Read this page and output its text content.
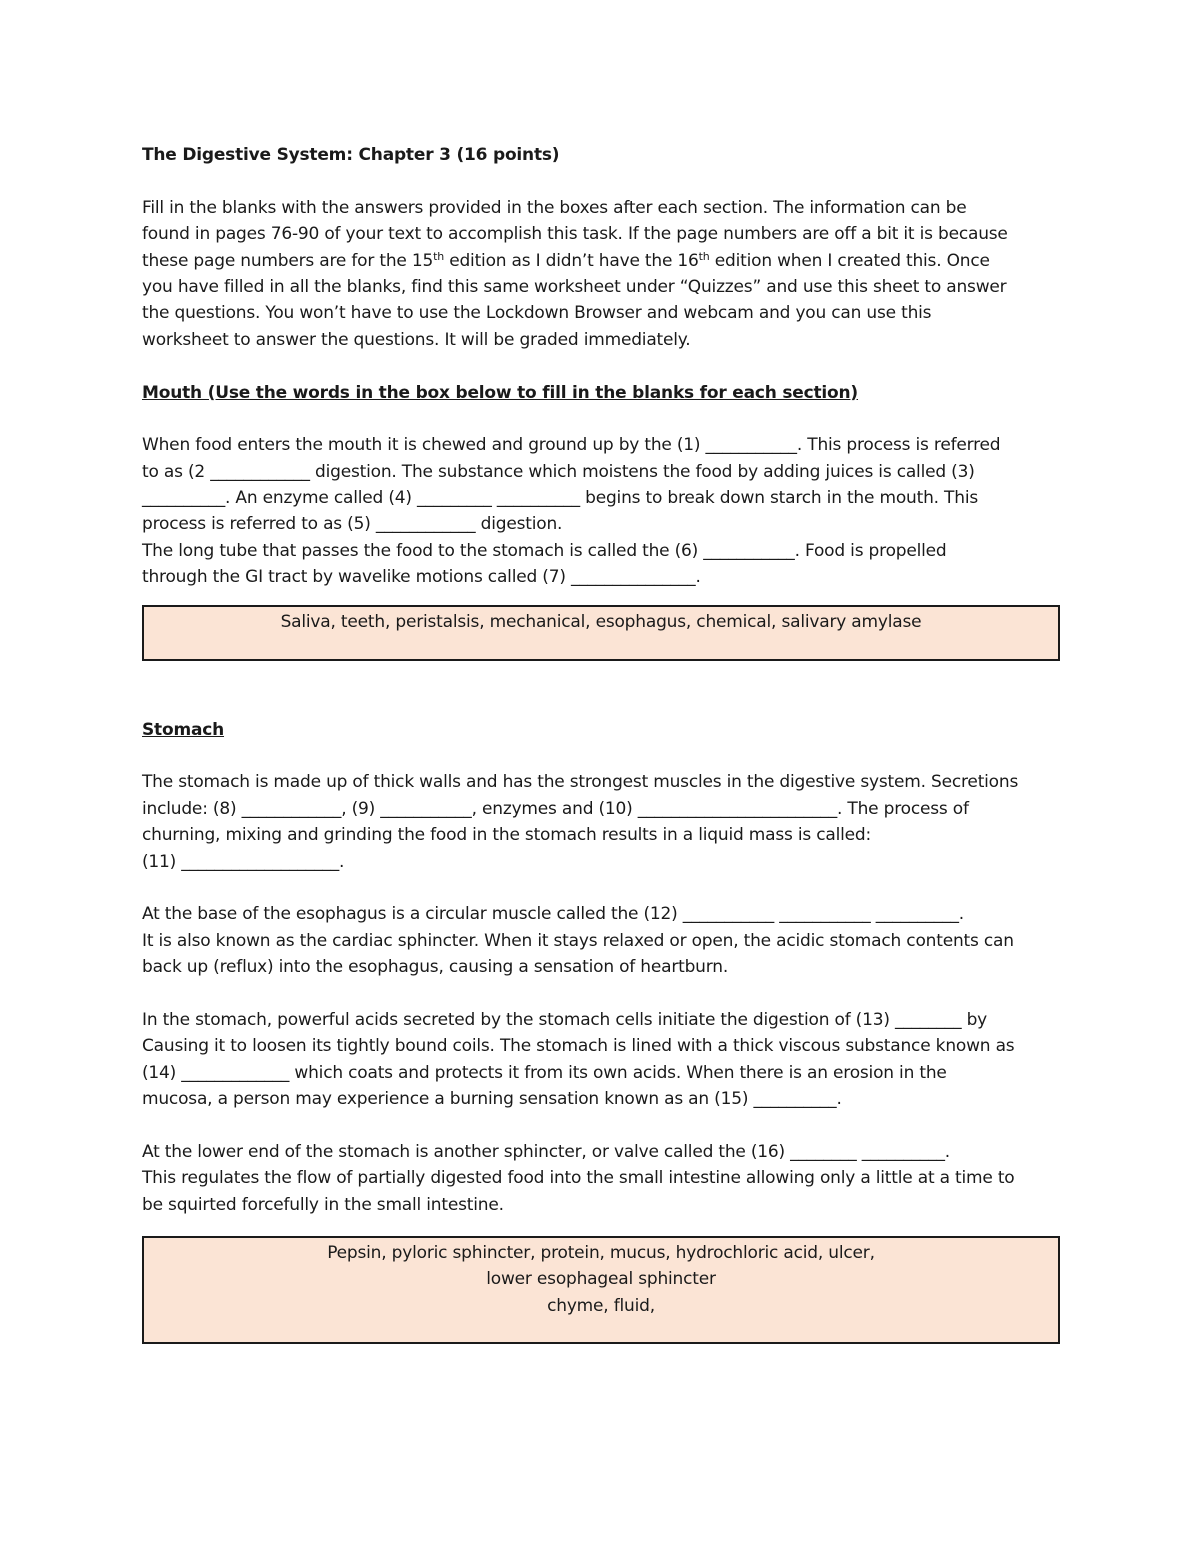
The Digestive System: Chapter 3 (16 points)
Fill in the blanks with the answers provided in the boxes after each section. The information can be
found in pages 76-90 of your text to accomplish this task. If the page numbers are off a bit it is because
these page numbers are for the 15th edition as I didn’t have the 16th edition when I created this. Once
you have filled in all the blanks, find this same worksheet under “Quizzes” and use this sheet to answer
the questions. You won’t have to use the Lockdown Browser and webcam and you can use this
worksheet to answer the questions. It will be graded immediately.
Mouth (Use the words in the box below to fill in the blanks for each section)
When food enters the mouth it is chewed and ground up by the (1) ___________. This process is referred
to as (2 ____________ digestion. The substance which moistens the food by adding juices is called (3)
__________. An enzyme called (4) _________ __________ begins to break down starch in the mouth. This
process is referred to as (5) ____________ digestion.
The long tube that passes the food to the stomach is called the (6) ___________. Food is propelled
through the GI tract by wavelike motions called (7) _______________.
Saliva, teeth, peristalsis, mechanical, esophagus, chemical, salivary amylase
Stomach
The stomach is made up of thick walls and has the strongest muscles in the digestive system. Secretions
include: (8) ____________, (9) ___________, enzymes and (10) ________________________. The process of
churning, mixing and grinding the food in the stomach results in a liquid mass is called:
(11) ___________________.
At the base of the esophagus is a circular muscle called the (12) ___________ ___________ __________.
It is also known as the cardiac sphincter. When it stays relaxed or open, the acidic stomach contents can
back up (reflux) into the esophagus, causing a sensation of heartburn.
In the stomach, powerful acids secreted by the stomach cells initiate the digestion of (13) ________ by
Causing it to loosen its tightly bound coils. The stomach is lined with a thick viscous substance known as
(14) _____________ which coats and protects it from its own acids. When there is an erosion in the
mucosa, a person may experience a burning sensation known as an (15) __________.
At the lower end of the stomach is another sphincter, or valve called the (16) ________ __________.
This regulates the flow of partially digested food into the small intestine allowing only a little at a time to
be squirted forcefully in the small intestine.
Pepsin, pyloric sphincter, protein, mucus, hydrochloric acid, ulcer,
lower esophageal sphincter
chyme, fluid,
